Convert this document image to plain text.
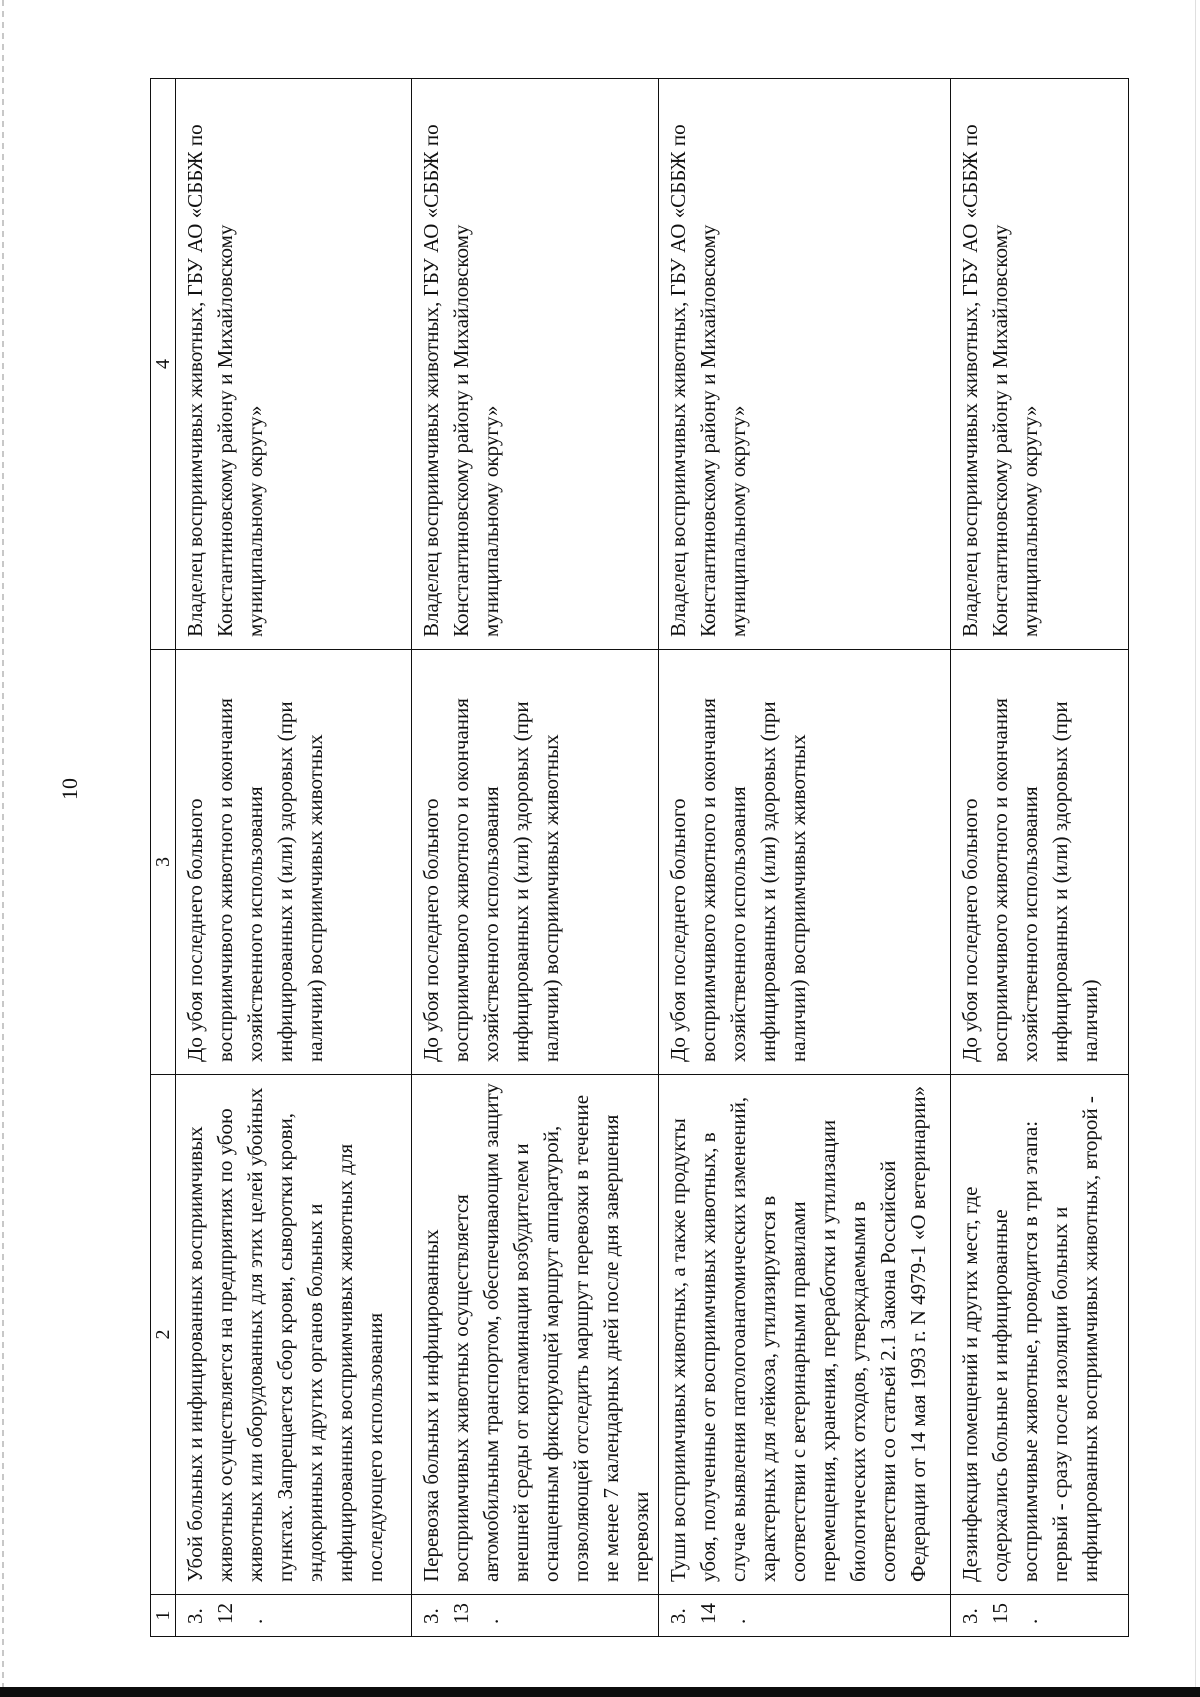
10
1	2	3	4
3.12.	Убой больных и инфицированных восприимчивых животных осуществляется на предприятиях по убою животных или оборудованных для этих целей убойных пунктах. Запрещается сбор крови, сыворотки крови, эндокринных и других органов больных и инфицированных восприимчивых животных для последующего использования	До убоя последнего больного восприимчивого животного и окончания хозяйственного использования инфицированных и (или) здоровых (при наличии) восприимчивых животных	Владелец восприимчивых животных, ГБУ АО «СББЖ по Константиновскому району и Михайловскому муниципальному округу»
3.13.	Перевозка больных и инфицированных восприимчивых животных осуществляется автомобильным транспортом, обеспечивающим защиту внешней среды от контаминации возбудителем и оснащенным фиксирующей маршрут аппаратурой, позволяющей отследить маршрут перевозки в течение не менее 7 календарных дней после дня завершения перевозки	До убоя последнего больного восприимчивого животного и окончания хозяйственного использования инфицированных и (или) здоровых (при наличии) восприимчивых животных	Владелец восприимчивых животных, ГБУ АО «СББЖ по Константиновскому району и Михайловскому муниципальному округу»
3.14.	Туши восприимчивых животных, а также продукты убоя, полученные от восприимчивых животных, в случае выявления патологоанатомических изменений, характерных для лейкоза, утилизируются в соответствии с ветеринарными правилами перемещения, хранения, переработки и утилизации биологических отходов, утверждаемыми в соответствии со статьей 2.1 Закона Российской Федерации от 14 мая 1993 г. N 4979-1 «О ветеринарии»	До убоя последнего больного восприимчивого животного и окончания хозяйственного использования инфицированных и (или) здоровых (при наличии) восприимчивых животных	Владелец восприимчивых животных, ГБУ АО «СББЖ по Константиновскому району и Михайловскому муниципальному округу»
3.15.	Дезинфекция помещений и других мест, где содержались больные и инфицированные восприимчивые животные, проводится в три этапа: первый - сразу после изоляции больных и инфицированных восприимчивых животных, второй -	До убоя последнего больного восприимчивого животного и окончания хозяйственного использования инфицированных и (или) здоровых (при наличии)	Владелец восприимчивых животных, ГБУ АО «СББЖ по Константиновскому району и Михайловскому муниципальному округу»
